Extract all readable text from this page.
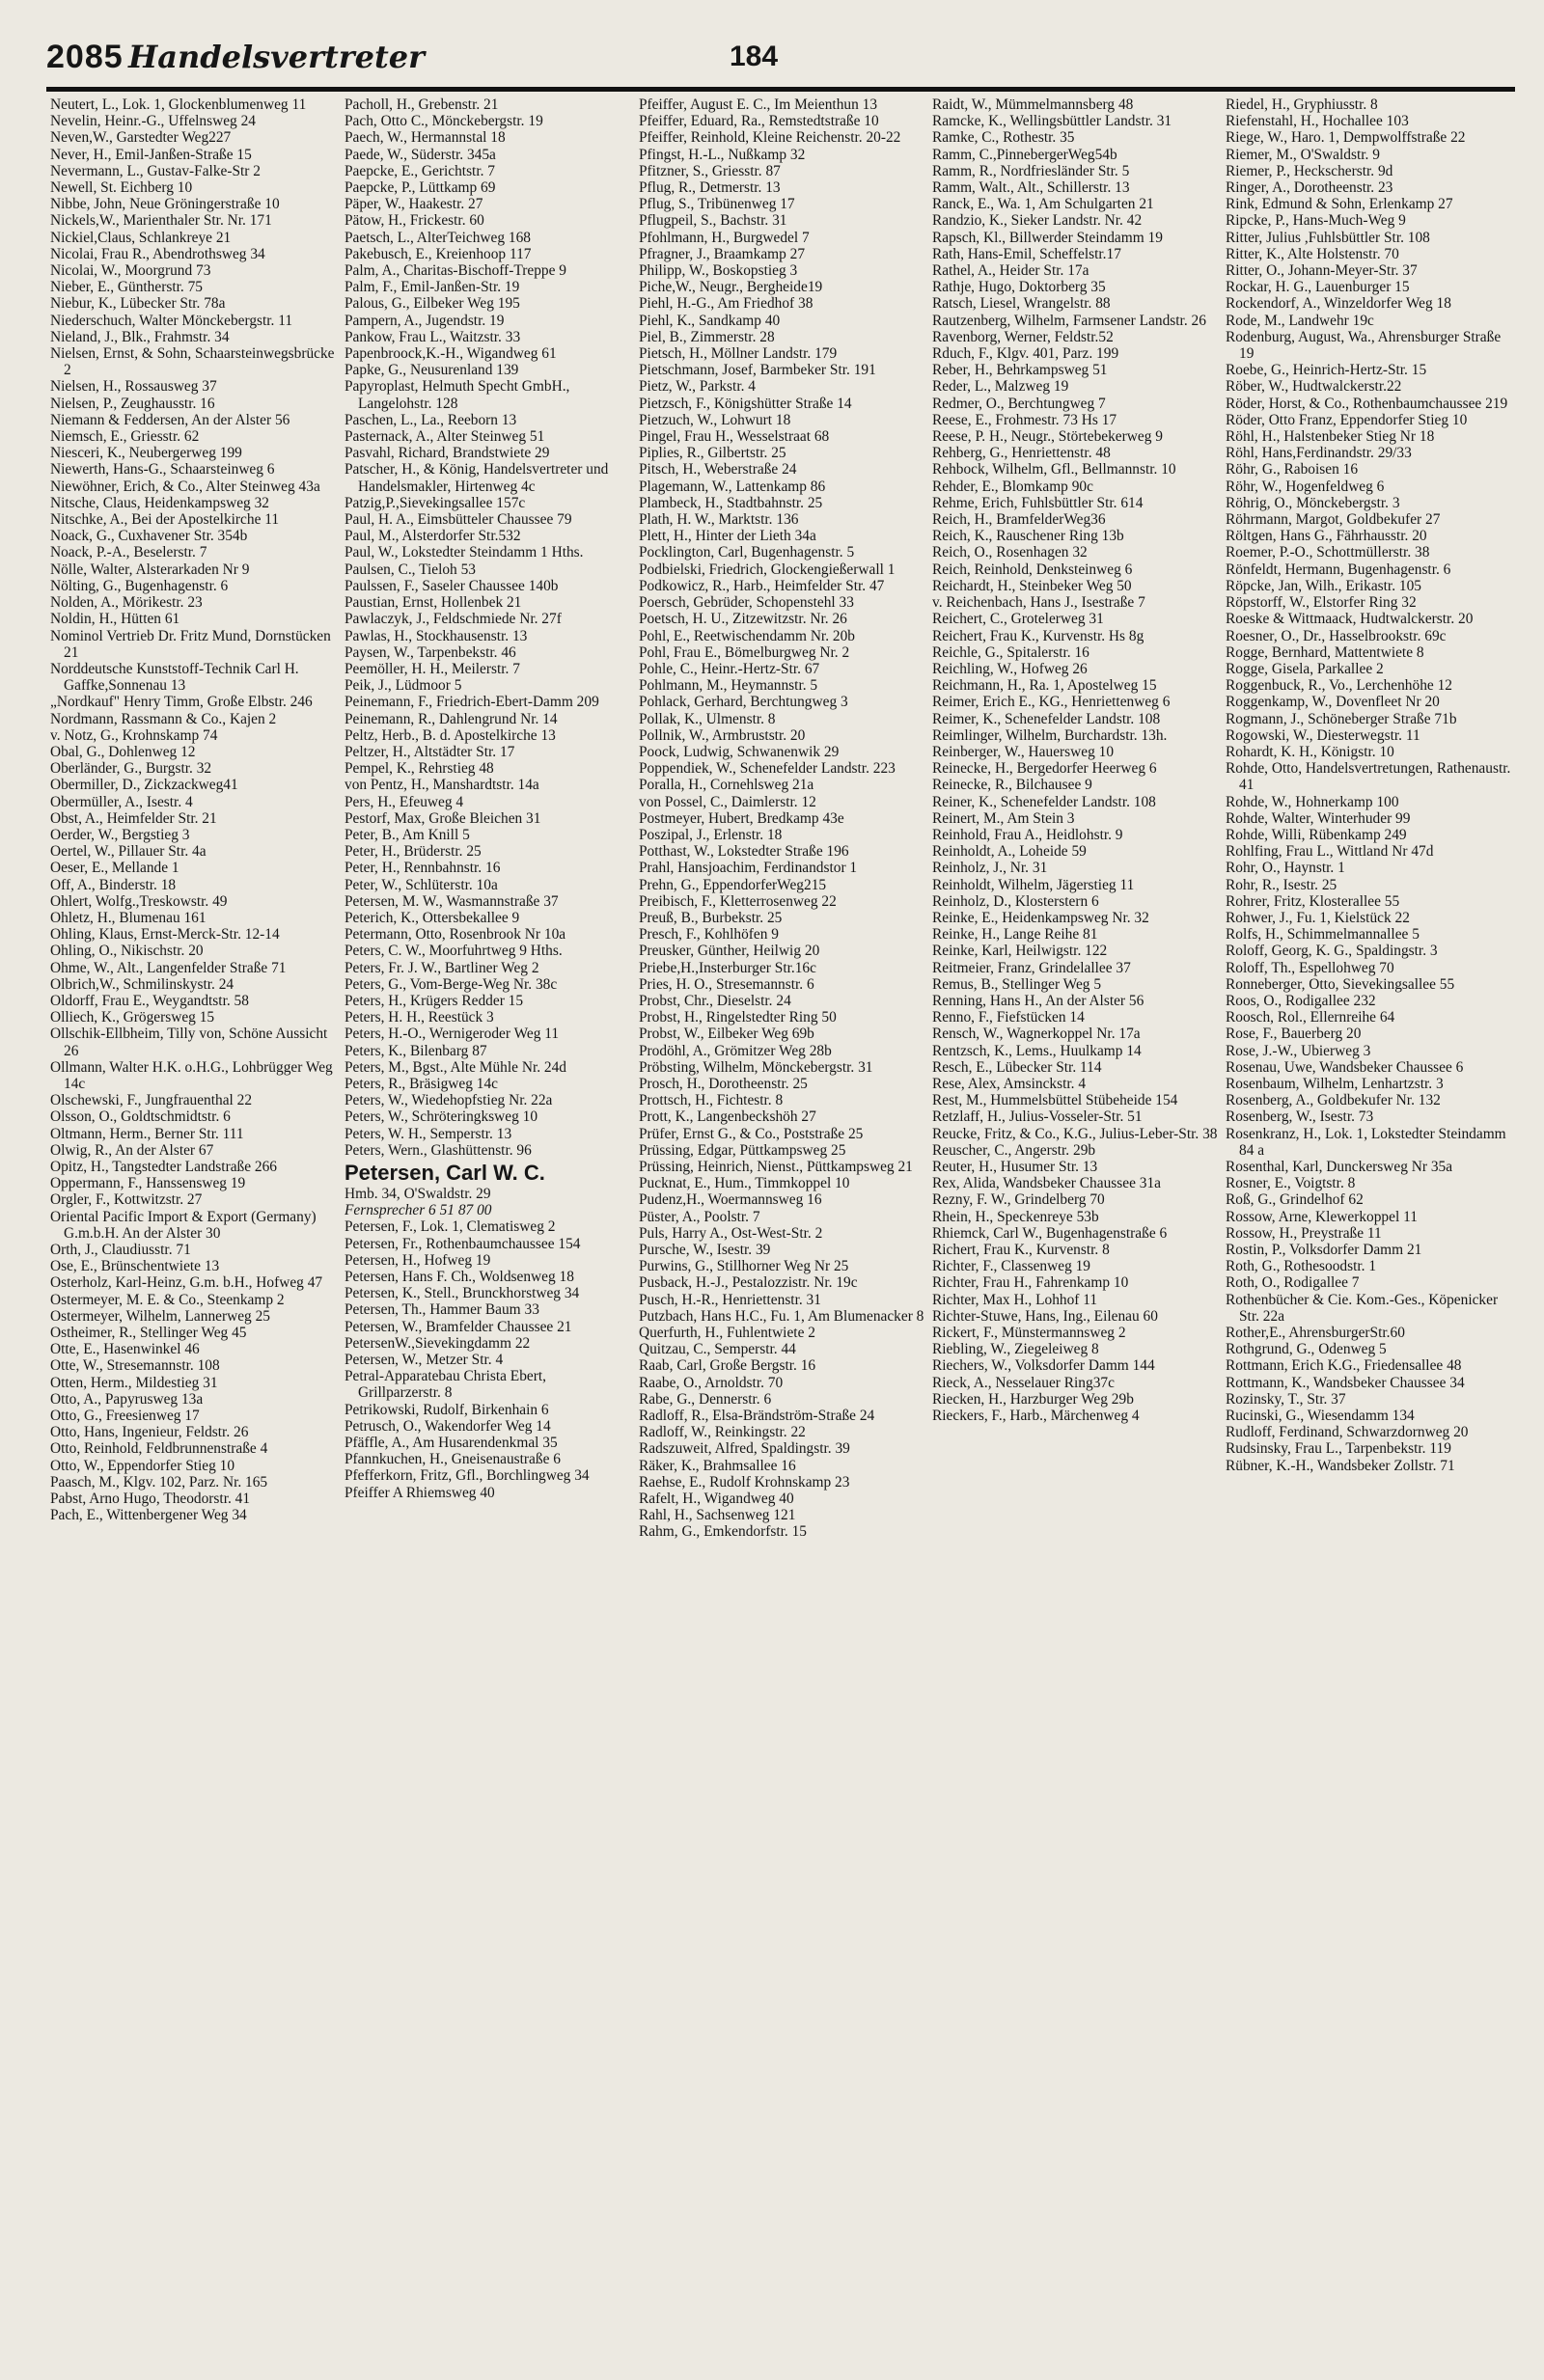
2085 Handelsvertreter	184

Neutert, L., Lok. 1, Glockenblumenweg 11

Nevelin, Heinr.-G., Uffelnsweg 24

Neven,W., Garstedter Weg227

Never, H., Emil-Janßen-Straße 15

Nevermann, L., Gustav-Falke-Str 2

Newell, St. Eichberg 10

Nibbe, John, Neue Gröningerstraße 10

Nickels,W., Marienthaler Str. Nr. 171

Nickiel,Claus, Schlankreye 21

Nicolai, Frau R., Abendrothsweg 34

Nicolai, W., Moorgrund 73

Nieber, E., Güntherstr. 75

Niebur, K., Lübecker Str. 78a

Niederschuch, Walter Mönckebergstr. 11

Nieland, J., Blk., Frahmstr. 34

Nielsen, Ernst, & Sohn, Schaarsteinwegsbrücke 2

Nielsen, H., Rossausweg 37

Nielsen, P., Zeughausstr. 16

Niemann & Feddersen, An der Alster 56

Niemsch, E., Griesstr. 62

Niesceri, K., Neubergerweg 199

Niewerth, Hans-G., Schaarsteinweg 6

Niewöhner, Erich, & Co., Alter Steinweg 43a

Nitsche, Claus, Heidenkampsweg 32

Nitschke, A., Bei der Apostelkirche 11

Noack, G., Cuxhavener Str. 354b

Noack, P.-A., Beselerstr. 7

Nölle, Walter, Alsterarkaden Nr 9

Nölting, G., Bugenhagenstr. 6

Nolden, A., Mörikestr. 23

Noldin, H., Hütten 61

Nominol Vertrieb Dr. Fritz Mund, Dornstücken 21

Norddeutsche Kunststoff-Technik Carl H. Gaffke,Sonnenau 13

„Nordkauf" Henry Timm, Große Elbstr. 246

Nordmann, Rassmann & Co., Kajen 2

v. Notz, G., Krohnskamp 74

Obal, G., Dohlenweg 12

Oberländer, G., Burgstr. 32

Obermiller, D., Zickzackweg41

Obermüller, A., Isestr. 4

Obst, A., Heimfelder Str. 21

Oerder, W., Bergstieg 3

Oertel, W., Pillauer Str. 4a

Oeser, E., Mellande 1

Off, A., Binderstr. 18

Ohlert, Wolfg.,Treskowstr. 49

Ohletz, H., Blumenau 161

Ohling, Klaus, Ernst-Merck-Str. 12-14

Ohling, O., Nikischstr. 20

Ohme, W., Alt., Langenfelder Straße 71

Olbrich,W., Schmilinskystr. 24

Oldorff, Frau E., Weygandtstr. 58

Olliech, K., Grögersweg 15

Ollschik-Ellbheim, Tilly von, Schöne Aussicht 26

Ollmann, Walter H.K. o.H.G., Lohbrügger Weg 14c

Olschewski, F., Jungfrauenthal 22

Olsson, O., Goldtschmidtstr. 6

Oltmann, Herm., Berner Str. 111

Olwig, R., An der Alster 67

Opitz, H., Tangstedter Landstraße 266

Oppermann, F., Hanssensweg 19

Orgler, F., Kottwitzstr. 27

Oriental Pacific Import & Export (Germany) G.m.b.H. An der Alster 30

Orth, J., Claudiusstr. 71

Ose, E., Brünschentwiete 13

Osterholz, Karl-Heinz, G.m. b.H., Hofweg 47

Ostermeyer, M. E. & Co., Steenkamp 2

Ostermeyer, Wilhelm, Lannerweg 25

Ostheimer, R., Stellinger Weg 45

Otte, E., Hasenwinkel 46

Otte, W., Stresemannstr. 108

Otten, Herm., Mildestieg 31

Otto, A., Papyrusweg 13a

Otto, G., Freesienweg 17

Otto, Hans, Ingenieur, Feldstr. 26

Otto, Reinhold, Feldbrunnenstraße 4

Otto, W., Eppendorfer Stieg 10

Paasch, M., Klgv. 102, Parz. Nr. 165

Pabst, Arno Hugo, Theodorstr. 41

Pach, E., Wittenbergener Weg 34

Pacholl, H., Grebenstr. 21

Pach, Otto C., Mönckebergstr. 19

Paech, W., Hermannstal 18

Paede, W., Süderstr. 345a

Paepcke, E., Gerichtstr. 7

Paepcke, P., Lüttkamp 69

Päper, W., Haakestr. 27

Pätow, H., Frickestr. 60

Paetsch, L., AlterTeichweg 168

Pakebusch, E., Kreienhoop 117

Palm, A., Charitas-Bischoff-Treppe 9

Palm, F., Emil-Janßen-Str. 19

Palous, G., Eilbeker Weg 195

Pampern, A., Jugendstr. 19

Pankow, Frau L., Waitzstr. 33

Papenbroock,K.-H., Wigandweg 61

Papke, G., Neusurenland 139

Papyroplast, Helmuth Specht GmbH., Langelohstr. 128

Paschen, L., La., Reeborn 13

Pasternack, A., Alter Steinweg 51

Pasvahl, Richard, Brandstwiete 29

Patscher, H., & König, Handelsvertreter und Handelsmakler, Hirtenweg 4c

Patzig,P.,Sievekingsallee 157c

Paul, H. A., Eimsbütteler Chaussee 79

Paul, M., Alsterdorfer Str.532

Paul, W., Lokstedter Steindamm 1 Hths.

Paulsen, C., Tieloh 53

Paulssen, F., Saseler Chaussee 140b

Paustian, Ernst, Hollenbek 21

Pawlaczyk, J., Feldschmiede Nr. 27f

Pawlas, H., Stockhausenstr. 13

Paysen, W., Tarpenbekstr. 46

Peemöller, H. H., Meilerstr. 7

Peik, J., Lüdmoor 5

Peinemann, F., Friedrich-Ebert-Damm 209

Peinemann, R., Dahlengrund Nr. 14

Peltz, Herb., B. d. Apostelkirche 13

Peltzer, H., Altstädter Str. 17

Pempel, K., Rehrstieg 48

von Pentz, H., Manshardtstr. 14a

Pers, H., Efeuweg 4

Pestorf, Max, Große Bleichen 31

Peter, B., Am Knill 5

Peter, H., Brüderstr. 25

Peter, H., Rennbahnstr. 16

Peter, W., Schlüterstr. 10a

Petersen, M. W., Wasmannstraße 37

Peterich, K., Ottersbekallee 9

Petermann, Otto, Rosenbrook Nr 10a

Peters, C. W., Moorfuhrtweg 9 Hths.

Peters, Fr. J. W., Bartliner Weg 2

Peters, G., Vom-Berge-Weg Nr. 38c

Peters, H., Krügers Redder 15

Peters, H. H., Reestück 3

Peters, H.-O., Wernigeroder Weg 11

Peters, K., Bilenbarg 87

Peters, M., Bgst., Alte Mühle Nr. 24d

Peters, R., Bräsigweg 14c

Peters, W., Wiedehopfstieg Nr. 22a

Peters, W., Schröteringksweg 10

Peters, W. H., Semperstr. 13

Peters, Wern., Glashüttenstr. 96

Petersen, Carl W. C.

Hmb. 34, O'Swaldstr. 29

Fernsprecher 6 51 87 00

Petersen, F., Lok. 1, Clematisweg 2

Petersen, Fr., Rothenbaumchaussee 154

Petersen, H., Hofweg 19

Petersen, Hans F. Ch., Woldsenweg 18

Petersen, K., Stell., Brunckhorstweg 34

Petersen, Th., Hammer Baum 33

Petersen, W., Bramfelder Chaussee 21

PetersenW.,Sievekingdamm 22

Petersen, W., Metzer Str. 4

Petral-Apparatebau Christa Ebert, Grillparzerstr. 8

Petrikowski, Rudolf, Birkenhain 6

Petrusch, O., Wakendorfer Weg 14

Pfäffle, A., Am Husarendenkmal 35

Pfannkuchen, H., Gneisenaustraße 6

Pfefferkorn, Fritz, Gfl., Borchlingweg 34

Pfeiffer A Rhiemsweg 40

Pfeiffer, August E. C., Im Meienthun 13

Pfeiffer, Eduard, Ra., Remstedtstraße 10

Pfeiffer, Reinhold, Kleine Reichenstr. 20-22

Pfingst, H.-L., Nußkamp 32

Pfitzner, S., Griesstr. 87

Pflug, R., Detmerstr. 13

Pflug, S., Tribünenweg 17

Pflugpeil, S., Bachstr. 31

Pfohlmann, H., Burgwedel 7

Pfragner, J., Braamkamp 27

Philipp, W., Boskopstieg 3

Piche,W., Neugr., Bergheide19

Piehl, H.-G., Am Friedhof 38

Piehl, K., Sandkamp 40

Piel, B., Zimmerstr. 28

Pietsch, H., Möllner Landstr. 179

Pietschmann, Josef, Barmbeker Str. 191

Pietz, W., Parkstr. 4

Pietzsch, F., Königshütter Straße 14

Pietzuch, W., Lohwurt 18

Pingel, Frau H., Wesselstraat 68

Piplies, R., Gilbertstr. 25

Pitsch, H., Weberstraße 24

Plagemann, W., Lattenkamp 86

Plambeck, H., Stadtbahnstr. 25

Plath, H. W., Marktstr. 136

Plett, H., Hinter der Lieth 34a

Pocklington, Carl, Bugenhagenstr. 5

Podbielski, Friedrich, Glockengießerwall 1

Podkowicz, R., Harb., Heimfelder Str. 47

Poersch, Gebrüder, Schopenstehl 33

Poetsch, H. U., Zitzewitzstr. Nr. 26

Pohl, E., Reetwischendamm Nr. 20b

Pohl, Frau E., Bömelburgweg Nr. 2

Pohle, C., Heinr.-Hertz-Str. 67

Pohlmann, M., Heymannstr. 5

Pohlack, Gerhard, Berchtungweg 3

Pollak, K., Ulmenstr. 8

Pollnik, W., Armbruststr. 20

Poock, Ludwig, Schwanenwik 29

Poppendiek, W., Schenefelder Landstr. 223

Poralla, H., Cornehlsweg 21a

von Possel, C., Daimlerstr. 12

Postmeyer, Hubert, Bredkamp 43e

Poszipal, J., Erlenstr. 18

Potthast, W., Lokstedter Straße 196

Prahl, Hansjoachim, Ferdinandstor 1

Prehn, G., EppendorferWeg215

Preibisch, F., Kletterrosenweg 22

Preuß, B., Burbekstr. 25

Presch, F., Kohlhöfen 9

Preusker, Günther, Heilwig 20

Priebe,H.,Insterburger Str.16c

Pries, H. O., Stresemannstr. 6

Probst, Chr., Dieselstr. 24

Probst, H., Ringelstedter Ring 50

Probst, W., Eilbeker Weg 69b

Prodöhl, A., Grömitzer Weg 28b

Pröbsting, Wilhelm, Mönckebergstr. 31

Prosch, H., Dorotheenstr. 25

Prottsch, H., Fichtestr. 8

Prott, K., Langenbeckshöh 27

Prüfer, Ernst G., & Co., Poststraße 25

Prüssing, Edgar, Püttkampsweg 25

Prüssing, Heinrich, Nienst., Püttkampsweg 21

Pucknat, E., Hum., Timmkoppel 10

Pudenz,H., Woermannsweg 16

Püster, A., Poolstr. 7

Puls, Harry A., Ost-West-Str. 2

Pursche, W., Isestr. 39

Purwins, G., Stillhorner Weg Nr 25

Pusback, H.-J., Pestalozzistr. Nr. 19c

Pusch, H.-R., Henriettenstr. 31

Putzbach, Hans H.C., Fu. 1, Am Blumenacker 8

Querfurth, H., Fuhlentwiete 2

Quitzau, C., Semperstr. 44

Raab, Carl, Große Bergstr. 16

Raabe, O., Arnoldstr. 70

Rabe, G., Dennerstr. 6

Radloff, R., Elsa-Brändström-Straße 24

Radloff, W., Reinkingstr. 22

Radszuweit, Alfred, Spaldingstr. 39

Räker, K., Brahmsallee 16

Raehse, E., Rudolf Krohnskamp 23

Rafelt, H., Wigandweg 40

Rahl, H., Sachsenweg 121

Rahm, G., Emkendorfstr. 15

Raidt, W., Mümmelmannsberg 48

Ramcke, K., Wellingsbüttler Landstr. 31

Ramke, C., Rothestr. 35

Ramm, C.,PinnebergerWeg54b

Ramm, R., Nordfriesländer Str. 5

Ramm, Walt., Alt., Schillerstr. 13

Ranck, E., Wa. 1, Am Schulgarten 21

Randzio, K., Sieker Landstr. Nr. 42

Rapsch, Kl., Billwerder Steindamm 19

Rath, Hans-Emil, Scheffelstr.17

Rathel, A., Heider Str. 17a

Rathje, Hugo, Doktorberg 35

Ratsch, Liesel, Wrangelstr. 88

Rautzenberg, Wilhelm, Farmsener Landstr. 26

Ravenborg, Werner, Feldstr.52

Rduch, F., Klgv. 401, Parz. 199

Reber, H., Behrkampsweg 51

Reder, L., Malzweg 19

Redmer, O., Berchtungweg 7

Reese, E., Frohmestr. 73 Hs 17

Reese, P. H., Neugr., Störtebekerweg 9

Rehberg, G., Henriettenstr. 48

Rehbock, Wilhelm, Gfl., Bellmannstr. 10

Rehder, E., Blomkamp 90c

Rehme, Erich, Fuhlsbüttler Str. 614

Reich, H., BramfelderWeg36

Reich, K., Rauschener Ring 13b

Reich, O., Rosenhagen 32

Reich, Reinhold, Denksteinweg 6

Reichardt, H., Steinbeker Weg 50

v. Reichenbach, Hans J., Isestraße 7

Reichert, C., Grotelerweg 31

Reichert, Frau K., Kurvenstr. Hs 8g

Reichle, G., Spitalerstr. 16

Reichling, W., Hofweg 26

Reichmann, H., Ra. 1, Apostelweg 15

Reimer, Erich E., KG., Henriettenweg 6

Reimer, K., Schenefelder Landstr. 108

Reimlinger, Wilhelm, Burchardstr. 13h.

Reinberger, W., Hauersweg 10

Reinecke, H., Bergedorfer Heerweg 6

Reinecke, R., Bilchausee 9

Reiner, K., Schenefelder Landstr. 108

Reinert, M., Am Stein 3

Reinhold, Frau A., Heidlohstr. 9

Reinholdt, A., Loheide 59

Reinholz, J., Nr. 31

Reinholdt, Wilhelm, Jägerstieg 11

Reinholz, D., Klosterstern 6

Reinke, E., Heidenkampsweg Nr. 32

Reinke, H., Lange Reihe 81

Reinke, Karl, Heilwigstr. 122

Reitmeier, Franz, Grindelallee 37

Remus, B., Stellinger Weg 5

Renning, Hans H., An der Alster 56

Renno, F., Fiefstücken 14

Rensch, W., Wagnerkoppel Nr. 17a

Rentzsch, K., Lems., Huulkamp 14

Resch, E., Lübecker Str. 114

Rese, Alex, Amsinckstr. 4

Rest, M., Hummelsbüttel Stübeheide 154

Retzlaff, H., Julius-Vosseler-Str. 51

Reucke, Fritz, & Co., K.G., Julius-Leber-Str. 38

Reuscher, C., Angerstr. 29b

Reuter, H., Husumer Str. 13

Rex, Alida, Wandsbeker Chaussee 31a

Rezny, F. W., Grindelberg 70

Rhein, H., Speckenreye 53b

Rhiemck, Carl W., Bugenhagenstraße 6

Richert, Frau K., Kurvenstr. 8

Richter, F., Classenweg 19

Richter, Frau H., Fahrenkamp 10

Richter, Max H., Lohhof 11

Richter-Stuwe, Hans, Ing., Eilenau 60

Rickert, F., Münstermannsweg 2

Riebling, W., Ziegeleiweg 8

Riechers, W., Volksdorfer Damm 144

Rieck, A., Nesselauer Ring37c

Riecken, H., Harzburger Weg 29b

Rieckers, F., Harb., Märchenweg 4

Riedel, H., Gryphiusstr. 8

Riefenstahl, H., Hochallee 103

Riege, W., Haro. 1, Dempwolffstraße 22

Riemer, M., O'Swaldstr. 9

Riemer, P., Heckscherstr. 9d

Ringer, A., Dorotheenstr. 23

Rink, Edmund & Sohn, Erlenkamp 27

Ripcke, P., Hans-Much-Weg 9

Ritter, Julius ,Fuhlsbüttler Str. 108

Ritter, K., Alte Holstenstr. 70

Ritter, O., Johann-Meyer-Str. 37

Rockar, H. G., Lauenburger 15

Rockendorf, A., Winzeldorfer Weg 18

Rode, M., Landwehr 19c

Rodenburg, August, Wa., Ahrensburger Straße 19

Roebe, G., Heinrich-Hertz-Str. 15

Röber, W., Hudtwalckerstr.22

Röder, Horst, & Co., Rothenbaumchaussee 219

Röder, Otto Franz, Eppendorfer Stieg 10

Röhl, H., Halstenbeker Stieg Nr 18

Röhl, Hans,Ferdinandstr. 29/33

Röhr, G., Raboisen 16

Röhr, W., Hogenfeldweg 6

Röhrig, O., Mönckebergstr. 3

Röhrmann, Margot, Goldbekufer 27

Röltgen, Hans G., Fährhausstr. 20

Roemer, P.-O., Schottmüllerstr. 38

Rönfeldt, Hermann, Bugenhagenstr. 6

Röpcke, Jan, Wilh., Erikastr. 105

Röpstorff, W., Elstorfer Ring 32

Roeske & Wittmaack, Hudtwalckerstr. 20

Roesner, O., Dr., Hasselbrookstr. 69c

Rogge, Bernhard, Mattentwiete 8

Rogge, Gisela, Parkallee 2

Roggenbuck, R., Vo., Lerchenhöhe 12

Roggenkamp, W., Dovenfleet Nr 20

Rogmann, J., Schöneberger Straße 71b

Rogowski, W., Diesterwegstr. 11

Rohardt, K. H., Königstr. 10

Rohde, Otto, Handelsvertretungen, Rathenaustr. 41

Rohde, W., Hohnerkamp 100

Rohde, Walter, Winterhuder 99

Rohde, Willi, Rübenkamp 249

Rohlfing, Frau L., Wittland Nr 47d

Rohr, O., Haynstr. 1

Rohr, R., Isestr. 25

Rohrer, Fritz, Klosterallee 55

Rohwer, J., Fu. 1, Kielstück 22

Rolfs, H., Schimmelmannallee 5

Roloff, Georg, K. G., Spaldingstr. 3

Roloff, Th., Espellohweg 70

Ronneberger, Otto, Sievekingsallee 55

Roos, O., Rodigallee 232

Roosch, Rol., Ellernreihe 64

Rose, F., Bauerberg 20

Rose, J.-W., Ubierweg 3

Rosenau, Uwe, Wandsbeker Chaussee 6

Rosenbaum, Wilhelm, Lenhartzstr. 3

Rosenberg, A., Goldbekufer Nr. 132

Rosenberg, W., Isestr. 73

Rosenkranz, H., Lok. 1, Lokstedter Steindamm 84 a

Rosenthal, Karl, Dunckersweg Nr 35a

Rosner, E., Voigtstr. 8

Roß, G., Grindelhof 62

Rossow, Arne, Klewerkoppel 11

Rossow, H., Preystraße 11

Rostin, P., Volksdorfer Damm 21

Roth, G., Rothesoodstr. 1

Roth, O., Rodigallee 7

Rothenbücher & Cie. Kom.-Ges., Köpenicker Str. 22a

Rother,E., AhrensburgerStr.60

Rothgrund, G., Odenweg 5

Rottmann, Erich K.G., Friedensallee 48

Rottmann, K., Wandsbeker Chaussee 34

Rozinsky, T., Str. 37

Rucinski, G., Wiesendamm 134

Rudloff, Ferdinand, Schwarzdornweg 20

Rudsinsky, Frau L., Tarpenbekstr. 119

Rübner, K.-H., Wandsbeker Zollstr. 71
